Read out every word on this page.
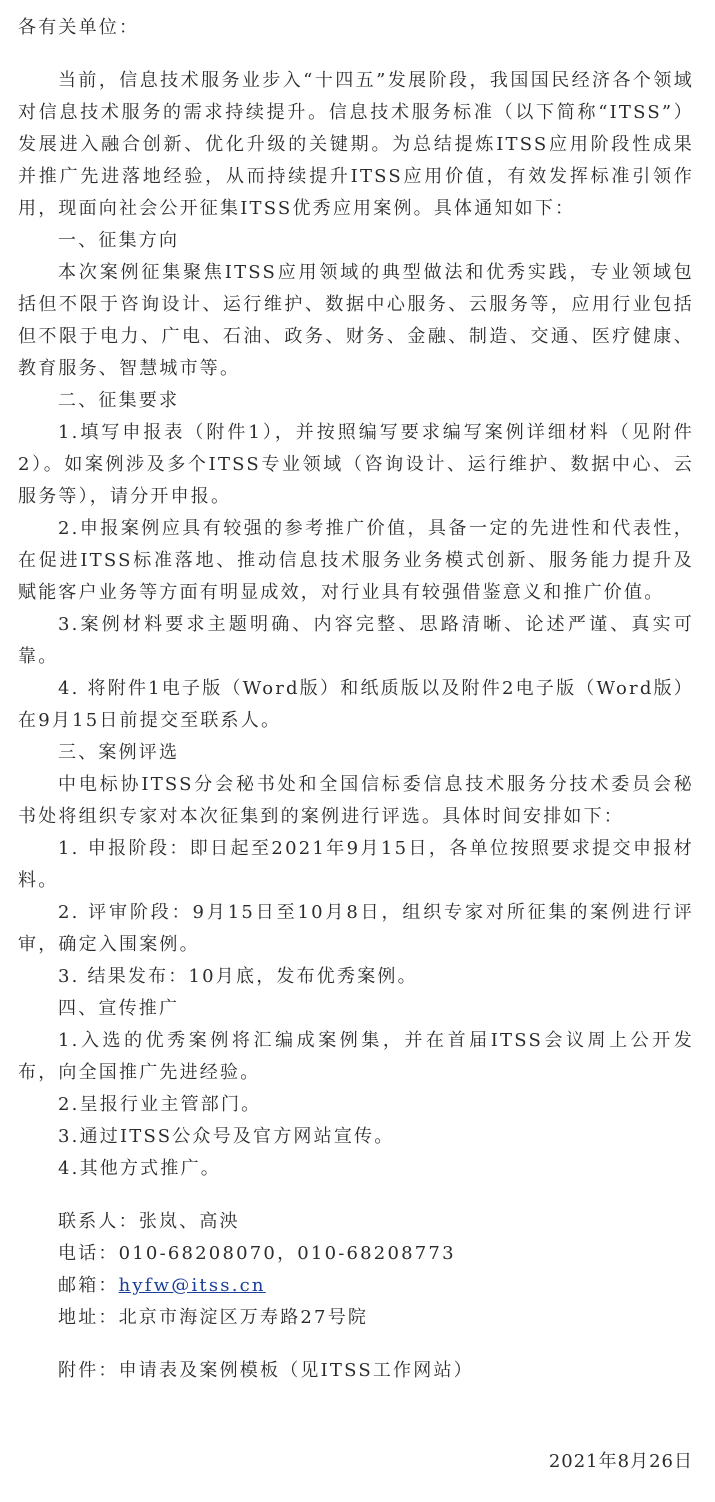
各有关单位：

当前，信息技术服务业步入“十四五”发展阶段，我国国民经济各个领域对信息技术服务的需求持续提升。信息技术服务标准（以下简称“ITSS”）发展进入融合创新、优化升级的关键期。为总结提炼ITSS应用阶段性成果并推广先进落地经验，从而持续提升ITSS应用价值，有效发挥标准引领作用，现面向社会公开征集ITSS优秀应用案例。具体通知如下：

一、征集方向

本次案例征集聚焦ITSS应用领域的典型做法和优秀实践，专业领域包括但不限于咨询设计、运行维护、数据中心服务、云服务等，应用行业包括但不限于电力、广电、石油、政务、财务、金融、制造、交通、医疗健康、教育服务、智慧城市等。

二、征集要求

1.填写申报表（附件1），并按照编写要求编写案例详细材料（见附件2）。如案例涉及多个ITSS专业领域（咨询设计、运行维护、数据中心、云服务等），请分开申报。

2.申报案例应具有较强的参考推广价值，具备一定的先进性和代表性，在促进ITSS标准落地、推动信息技术服务业务模式创新、服务能力提升及赋能客户业务等方面有明显成效，对行业具有较强借鉴意义和推广价值。

3.案例材料要求主题明确、内容完整、思路清晰、论述严谨、真实可靠。

4. 将附件1电子版（Word版）和纸质版以及附件2电子版（Word版）在9月15日前提交至联系人。

三、案例评选

中电标协ITSS分会秘书处和全国信标委信息技术服务分技术委员会秘书处将组织专家对本次征集到的案例进行评选。具体时间安排如下：

1. 申报阶段：即日起至2021年9月15日，各单位按照要求提交申报材料。

2. 评审阶段：9月15日至10月8日，组织专家对所征集的案例进行评审，确定入围案例。

3. 结果发布：10月底，发布优秀案例。

四、宣传推广

1.入选的优秀案例将汇编成案例集，并在首届ITSS会议周上公开发布，向全国推广先进经验。

2.呈报行业主管部门。

3.通过ITSS公众号及官方网站宣传。

4.其他方式推广。

联系人：张岚、高泱
电话：010-68208070，010-68208773
邮箱：hyfw@itss.cn
地址：北京市海淀区万寿路27号院
附件：申请表及案例模板（见ITSS工作网站）
2021年8月26日
